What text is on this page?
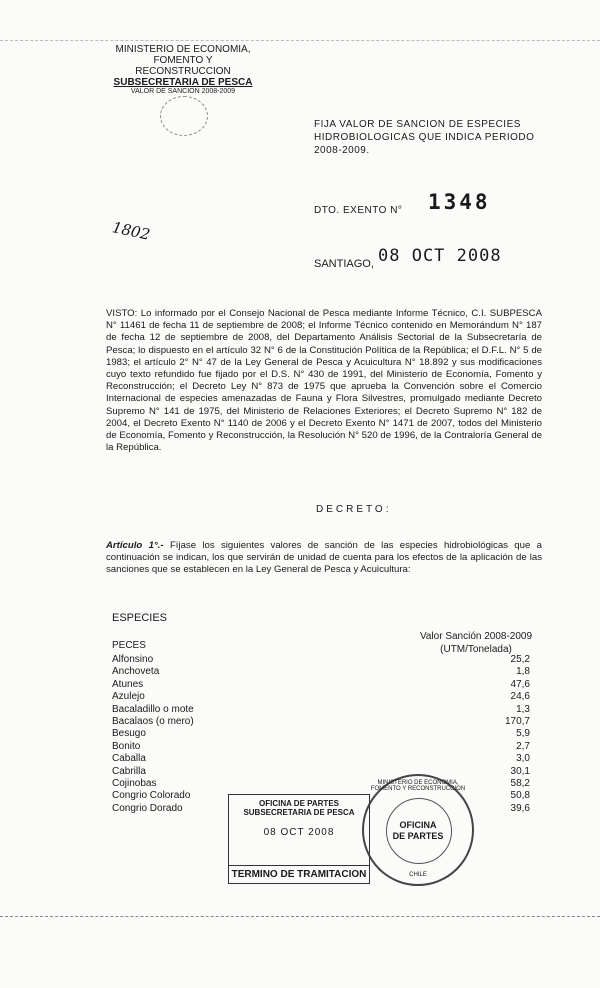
MINISTERIO DE ECONOMIA,
FOMENTO Y RECONSTRUCCION
SUBSECRETARIA DE PESCA
VALOR DE SANCION 2008-2009
FIJA VALOR DE SANCION DE ESPECIES HIDROBIOLOGICAS QUE INDICA PERIODO 2008-2009.
DTO. EXENTO N° 1348
1802
SANTIAGO, 08 OCT 2008
VISTO: Lo informado por el Consejo Nacional de Pesca mediante Informe Técnico, C.I. SUBPESCA N° 11461 de fecha 11 de septiembre de 2008; el Informe Técnico contenido en Memorándum N° 187 de fecha 12 de septiembre de 2008, del Departamento Análisis Sectorial de la Subsecretaría de Pesca; lo dispuesto en el artículo 32 N° 6 de la Constitución Política de la República; el D.F.L. N° 5 de 1983; el artículo 2° N° 47 de la Ley General de Pesca y Acuicultura N° 18.892 y sus modificaciones cuyo texto refundido fue fijado por el D.S. N° 430 de 1991, del Ministerio de Economía, Fomento y Reconstrucción; el Decreto Ley N° 873 de 1975 que aprueba la Convención sobre el Comercio Internacional de especies amenazadas de Fauna y Flora Silvestres, promulgado mediante Decreto Supremo N° 141 de 1975, del Ministerio de Relaciones Exteriores; el Decreto Supremo N° 182 de 2004, el Decreto Exento N° 1140 de 2006 y el Decreto Exento N° 1471 de 2007, todos del Ministerio de Economía, Fomento y Reconstrucción, la Resolución N° 520 de 1996, de la Contraloría General de la República.
DECRETO:
Artículo 1°.- Fíjase los siguientes valores de sanción de las especies hidrobiológicas que a continuación se indican, los que servirán de unidad de cuenta para los efectos de la aplicación de las sanciones que se establecen en la Ley General de Pesca y Acuicultura:
ESPECIES
Valor Sanción 2008-2009
(UTM/Tonelada)
PECES
Alfonsino	25,2
Anchoveta	1,8
Atunes	47,6
Azulejo	24,6
Bacaladillo o mote	1,3
Bacalaos (o mero)	170,7
Besugo	5,9
Bonito	2,7
Caballa	3,0
Cabrilla	30,1
Cojinobas	58,2
Congrio Colorado	50,8
Congrio Dorado	39,6
OFICINA DE PARTES
SUBSECRETARIA DE PESCA
08 OCT 2008
TERMINO DE TRAMITACION
MINISTERIO DE ECONOMIA, FOMENTO Y RECONSTRUCCION
OFICINA
DE PARTES
CHILE
